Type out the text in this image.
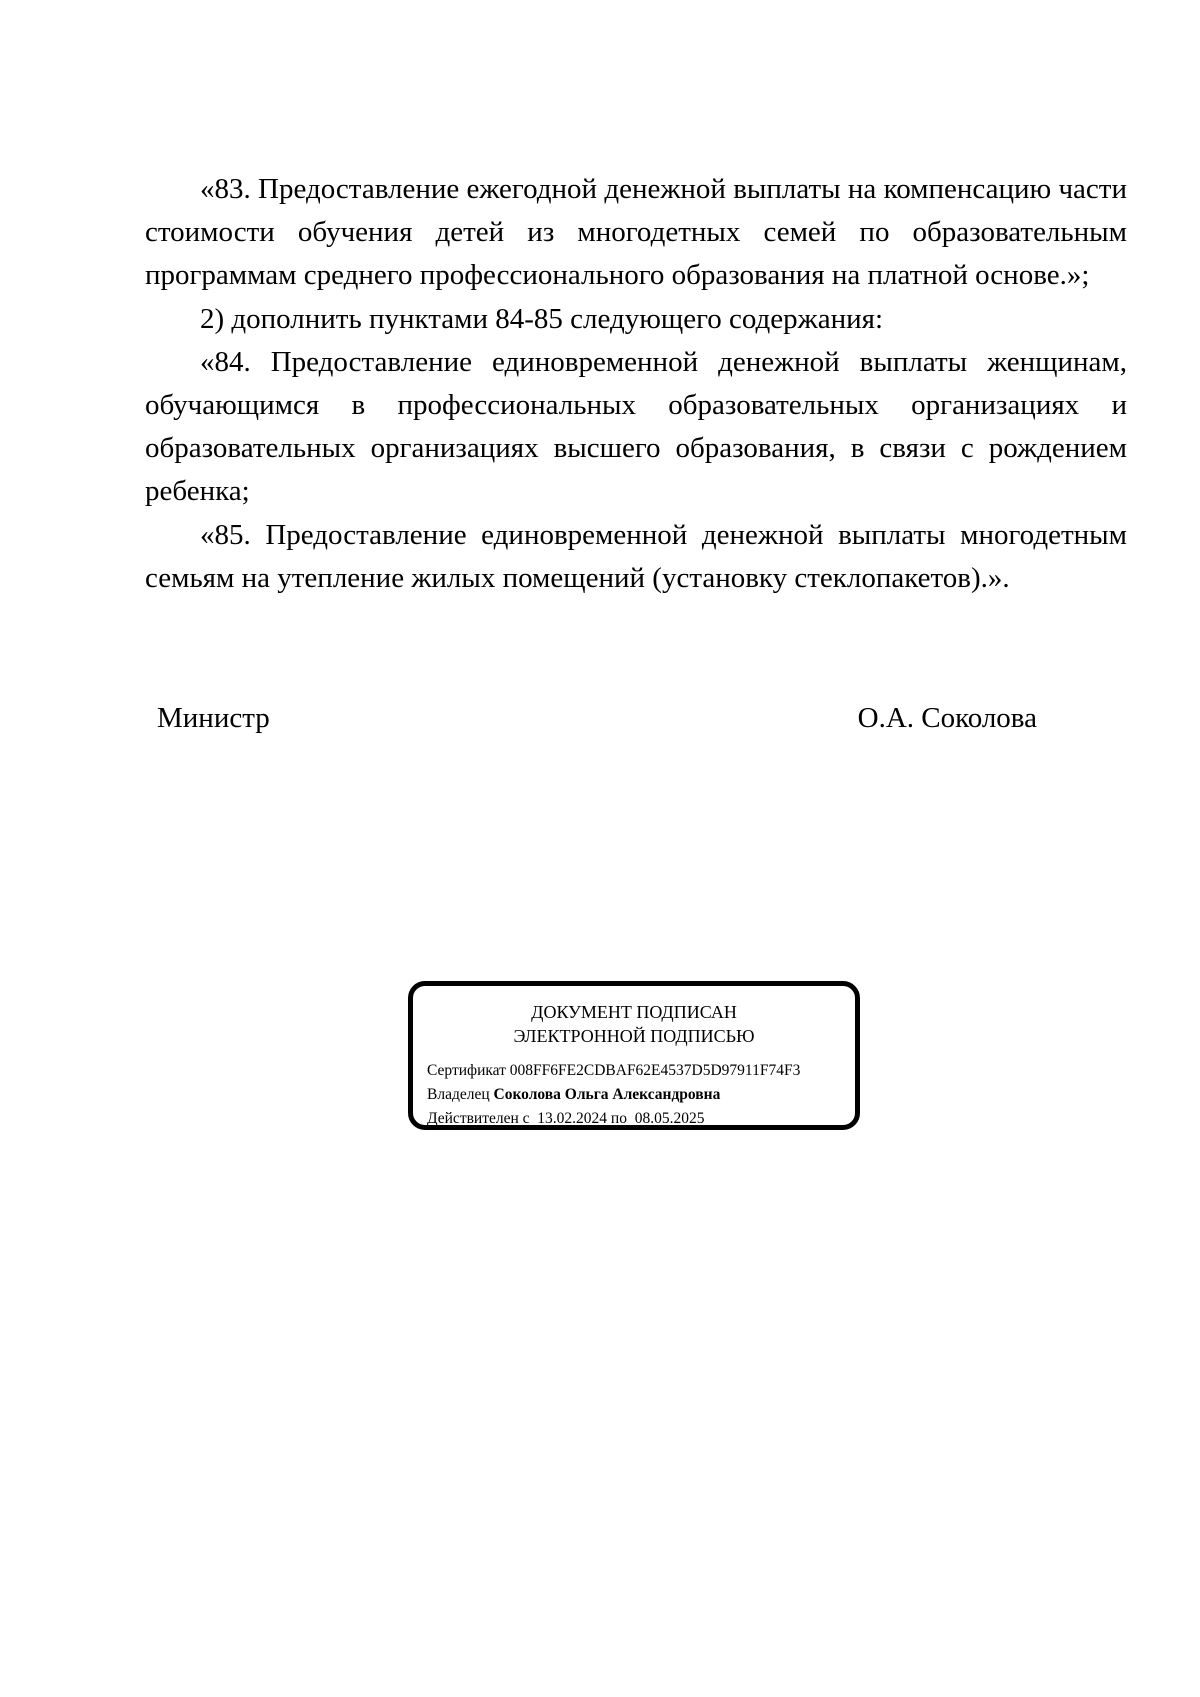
«83. Предоставление ежегодной денежной выплаты на компенсацию части стоимости обучения детей из многодетных семей по образовательным программам среднего профессионального образования на платной основе.»;

2) дополнить пунктами 84-85 следующего содержания:

«84. Предоставление единовременной денежной выплаты женщинам, обучающимся в профессиональных образовательных организациях и образовательных организациях высшего образования, в связи с рождением ребенка;

«85. Предоставление единовременной денежной выплаты многодетным семьям на утепление жилых помещений (установку стеклопакетов).».

Министр	О.А. Соколова
ДОКУМЕНТ ПОДПИСАН
ЭЛЕКТРОННОЙ ПОДПИСЬЮ
Сертификат 008FF6FE2CDBAF62E4537D5D97911F74F3
Владелец Соколова Ольга Александровна
Действителен с 13.02.2024 по 08.05.2025
